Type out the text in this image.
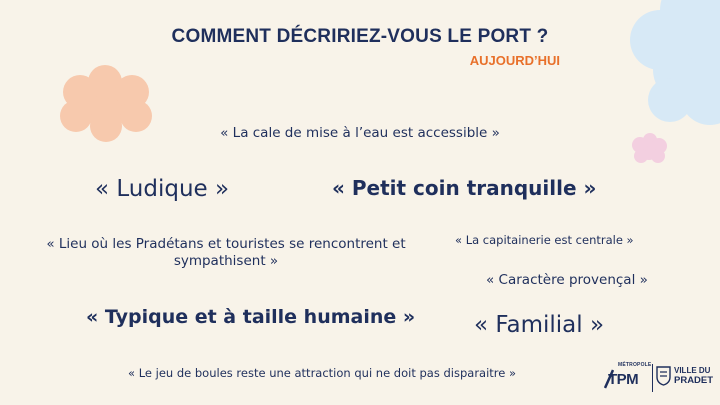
COMMENT DÉCRIRIEZ-VOUS LE PORT ?
AUJOURD’HUI
« La cale de mise à l’eau est accessible »
« Ludique »	« Petit coin tranquille »
« Lieu où les Pradétans et touristes se rencontrent et sympathisent »
« La capitainerie est centrale »
« Caractère provençal »
« Typique et à taille humaine »	« Familial »
« Le jeu de boules reste une attraction qui ne doit pas disparaitre »
MÉTROPOLE
TPM
VILLE DU
PRADET
